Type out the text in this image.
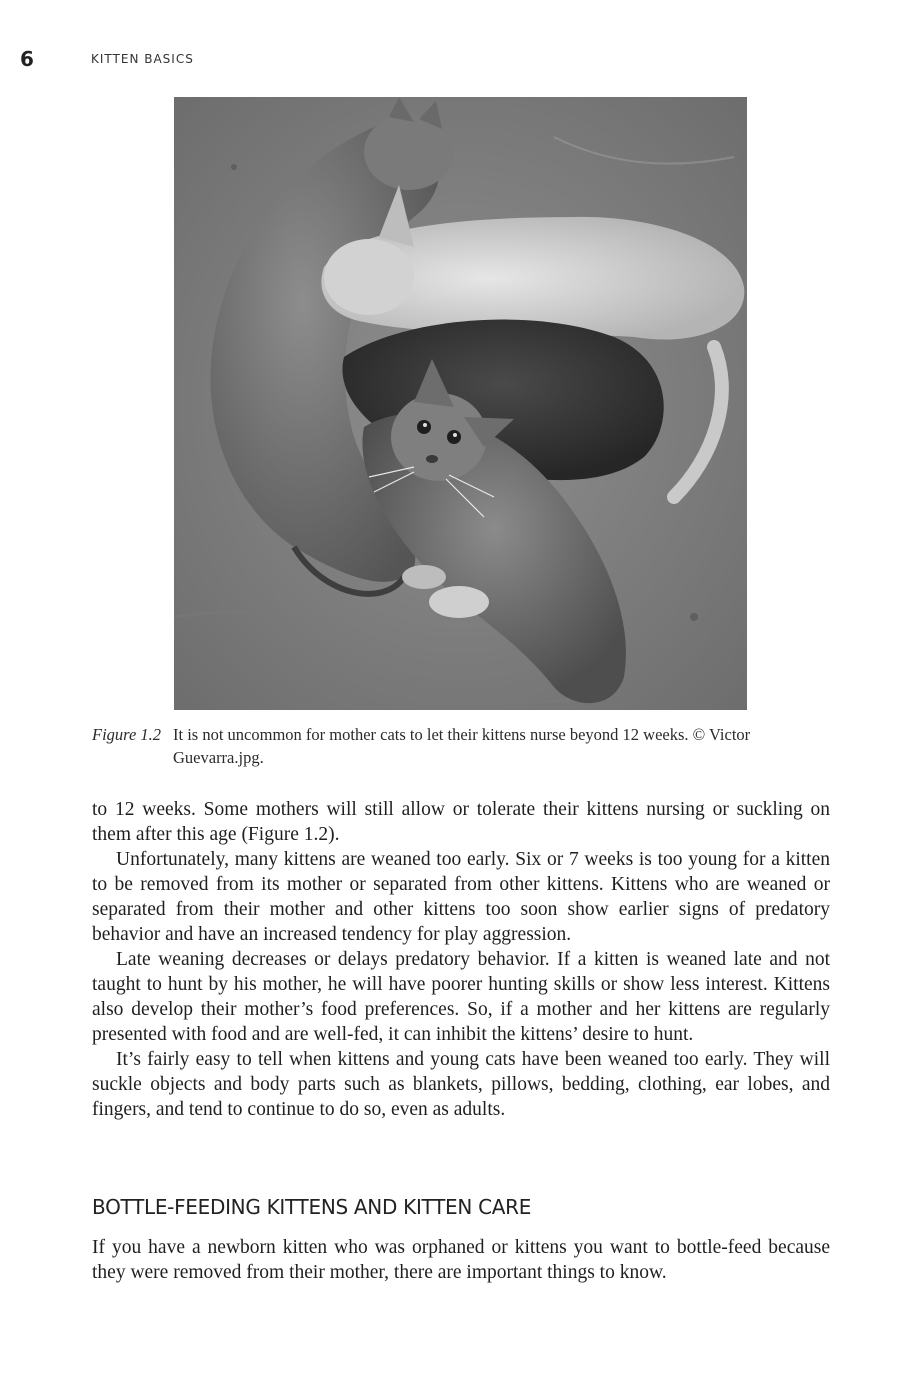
6	KITTEN BASICS
Figure 1.2 It is not uncommon for mother cats to let their kittens nurse beyond 12 weeks. © Victor Guevarra.jpg.

to 12 weeks. Some mothers will still allow or tolerate their kittens nursing or suckling on them after this age (Figure 1.2).

Unfortunately, many kittens are weaned too early. Six or 7 weeks is too young for a kitten to be removed from its mother or separated from other kittens. Kittens who are weaned or separated from their mother and other kittens too soon show earlier signs of predatory behavior and have an increased tendency for play aggression.

Late weaning decreases or delays predatory behavior. If a kitten is weaned late and not taught to hunt by his mother, he will have poorer hunting skills or show less interest. Kittens also develop their mother’s food preferences. So, if a mother and her kittens are regularly presented with food and are well-fed, it can inhibit the kittens’ desire to hunt.

It’s fairly easy to tell when kittens and young cats have been weaned too early. They will suckle objects and body parts such as blankets, pillows, bedding, clothing, ear lobes, and fingers, and tend to continue to do so, even as adults.

BOTTLE-FEEDING KITTENS AND KITTEN CARE

If you have a newborn kitten who was orphaned or kittens you want to bottle-feed because they were removed from their mother, there are important things to know.
